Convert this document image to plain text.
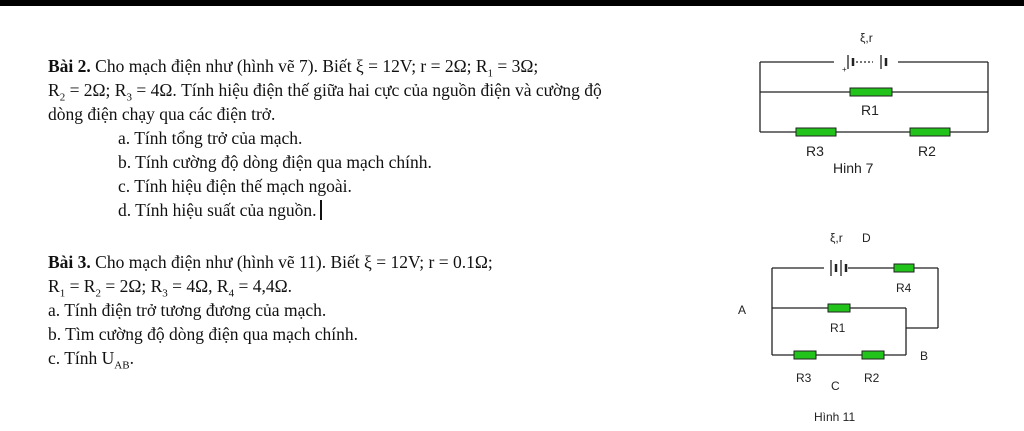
Bài 2. Cho mạch điện như (hình vẽ 7). Biết ξ = 12V; r = 2Ω; $R_1 = 3\Omega$;
$R_2 = 2\Omega$; $R_3 = 4\Omega$. Tính hiệu điện thế giữa hai cực của nguồn điện và cường độ
dòng điện chạy qua các điện trở.
a. Tính tổng trở của mạch.
b. Tính cường độ dòng điện qua mạch chính.
c. Tính hiệu điện thế mạch ngoài.
d. Tính hiệu suất của nguồn.
Bài 3. Cho mạch điện như (hình vẽ 11). Biết ξ = 12V; r = 0.1Ω;
$R_1 = R_2 = 2\Omega$; $R_3 = 4\Omega$, $R_4 = 4,4\Omega$.
a. Tính điện trở tương đương của mạch.
b. Tìm cường độ dòng điện qua mạch chính.
c. Tính $U_{AB}$.
+
ξ,r
R1
R3	R2
Hinh 7
ξ,r D
A
B
C
R4
R1
R3	R2
Hình 11
